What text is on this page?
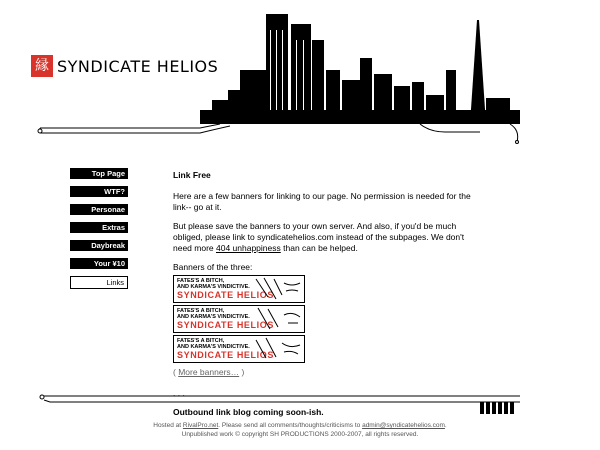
縁 SYNDICATE HELIOS
Top Page
WTF?
Personae
Extras
Daybreak
Your ¥10
Links
Link Free

Here are a few banners for linking to our page. No permission is needed for the link-- go at it.

But please save the banners to your own server. And also, if you'd be much obliged, please link to syndicatehelios.com instead of the subpages. We don't need more 404 unhappiness than can be helped.

Banners of the three:
FATES'S A BITCH,
AND KARMA'S VINDICTIVE.
SYNDICATE HELIOS
FATES'S A BITCH,
AND KARMA'S VINDICTIVE.
SYNDICATE HELIOS
FATES'S A BITCH,
AND KARMA'S VINDICTIVE.
SYNDICATE HELIOS
( More banners… )
. . .
Outbound link blog coming soon-ish.
Hosted at RivalPro.net. Please send all comments/thoughts/criticisms to admin@syndicatehelios.com.
Unpublished work © copyright SH PRODUCTIONS 2000-2007, all rights reserved.
